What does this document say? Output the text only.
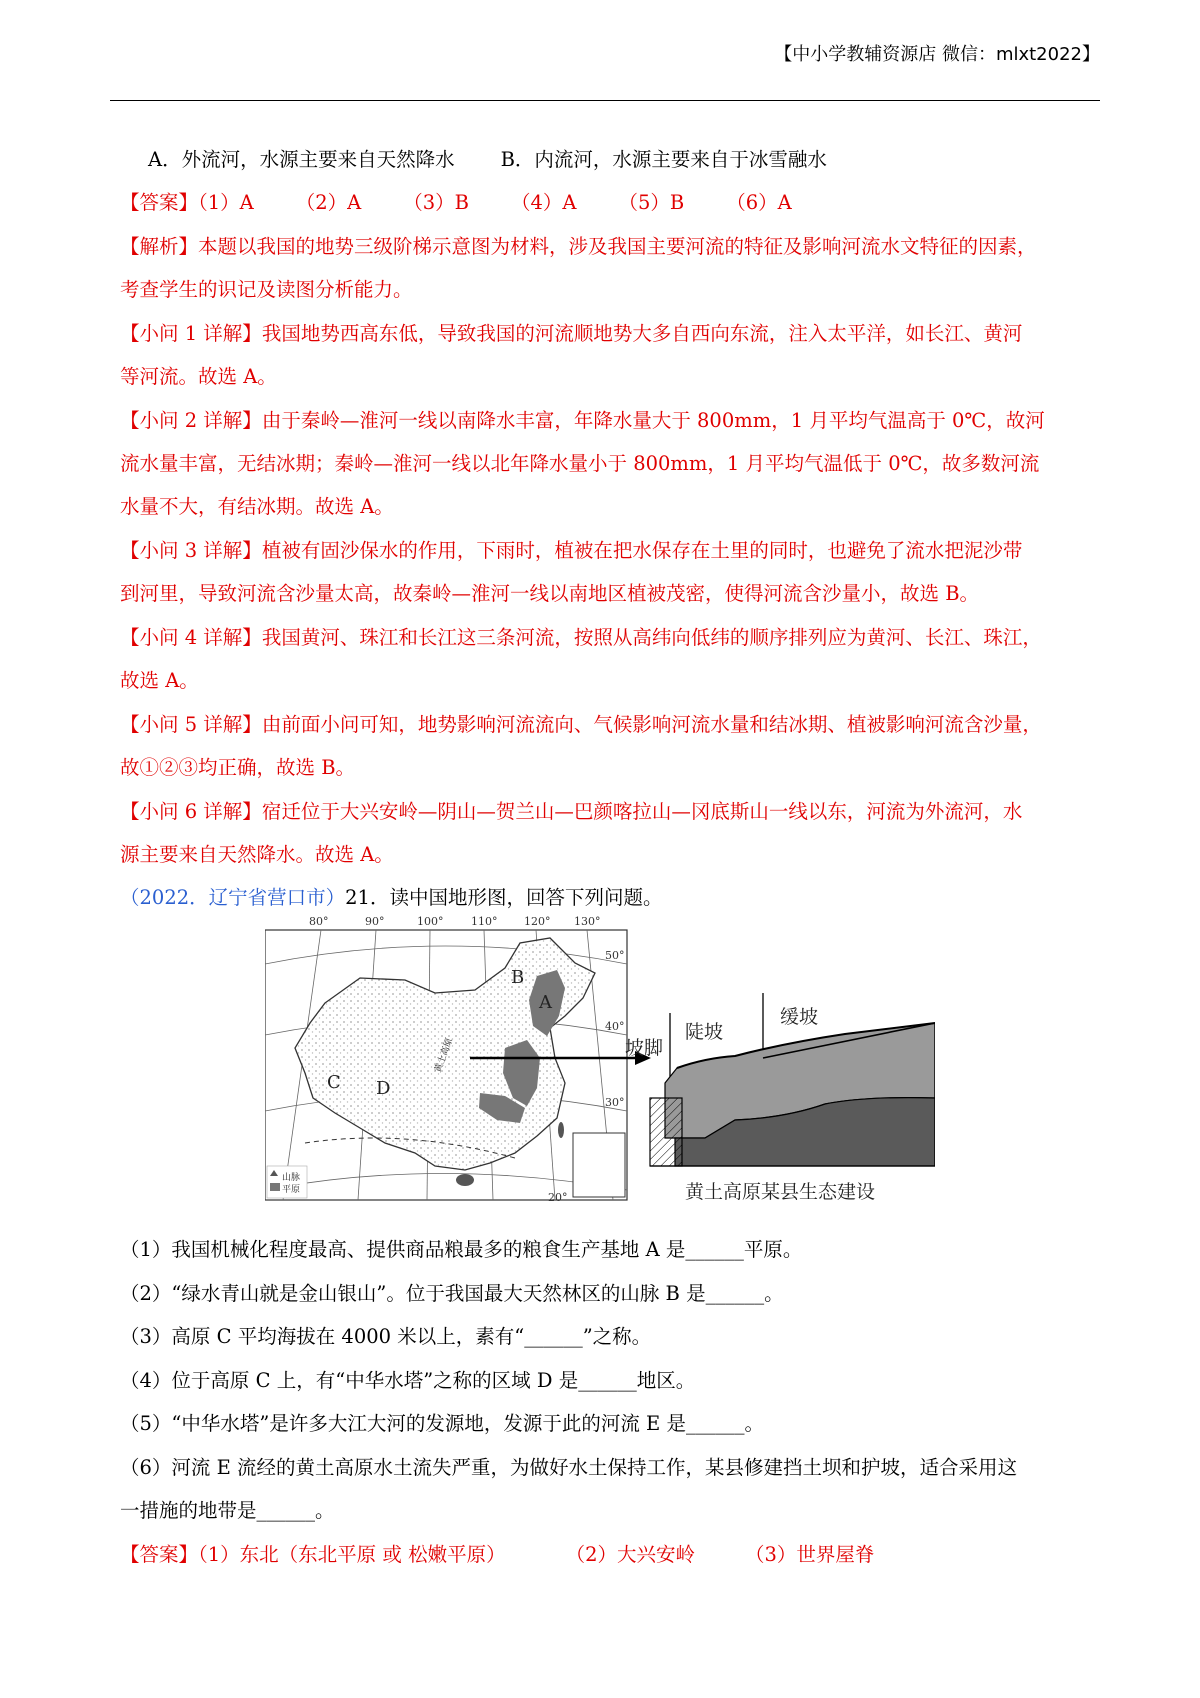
【中小学教辅资源店 微信：mlxt2022】
A．外流河，水源主要来自天然降水 B．内流河，水源主要来自于冰雪融水
【答案】（1）A （2）A （3）B （4）A （5）B （6）A
【解析】本题以我国的地势三级阶梯示意图为材料，涉及我国主要河流的特征及影响河流水文特征的因素，
考查学生的识记及读图分析能力。
【小问 1 详解】我国地势西高东低，导致我国的河流顺地势大多自西向东流，注入太平洋，如长江、黄河
等河流。故选 A。
【小问 2 详解】由于秦岭—淮河一线以南降水丰富，年降水量大于 800mm，1 月平均气温高于 0℃，故河
流水量丰富，无结冰期；秦岭—淮河一线以北年降水量小于 800mm，1 月平均气温低于 0℃，故多数河流
水量不大，有结冰期。故选 A。
【小问 3 详解】植被有固沙保水的作用，下雨时，植被在把水保存在土里的同时，也避免了流水把泥沙带
到河里，导致河流含沙量太高，故秦岭—淮河一线以南地区植被茂密，使得河流含沙量小，故选 B。
【小问 4 详解】我国黄河、珠江和长江这三条河流，按照从高纬向低纬的顺序排列应为黄河、长江、珠江，
故选 A。
【小问 5 详解】由前面小问可知，地势影响河流流向、气候影响河流水量和结冰期、植被影响河流含沙量，
故①②③均正确，故选 B。
【小问 6 详解】宿迁位于大兴安岭—阴山—贺兰山—巴颜喀拉山—冈底斯山一线以东，河流为外流河，水
源主要来自天然降水。故选 A。
（2022．辽宁省营口市）21．读中国地形图，回答下列问题。
80°	90°	100°	110° 120° 130°
50°
40°
30°
20°
A
B
C D
黄土高原
山脉
平原
陡坡
缓坡
坡脚
黄土高原某县生态建设
（1）我国机械化程度最高、提供商品粮最多的粮食生产基地 A 是______平原。
（2）“绿水青山就是金山银山”。位于我国最大天然林区的山脉 B 是______。
（3）高原 C 平均海拔在 4000 米以上，素有“______”之称。
（4）位于高原 C 上，有“中华水塔”之称的区域 D 是______地区。
（5）“中华水塔”是许多大江大河的发源地，发源于此的河流 E 是______。
（6）河流 E 流经的黄土高原水土流失严重，为做好水土保持工作，某县修建挡土坝和护坡，适合采用这
一措施的地带是______。
【答案】（1）东北（东北平原 或 松嫩平原）	（2）大兴安岭	（3）世界屋脊
